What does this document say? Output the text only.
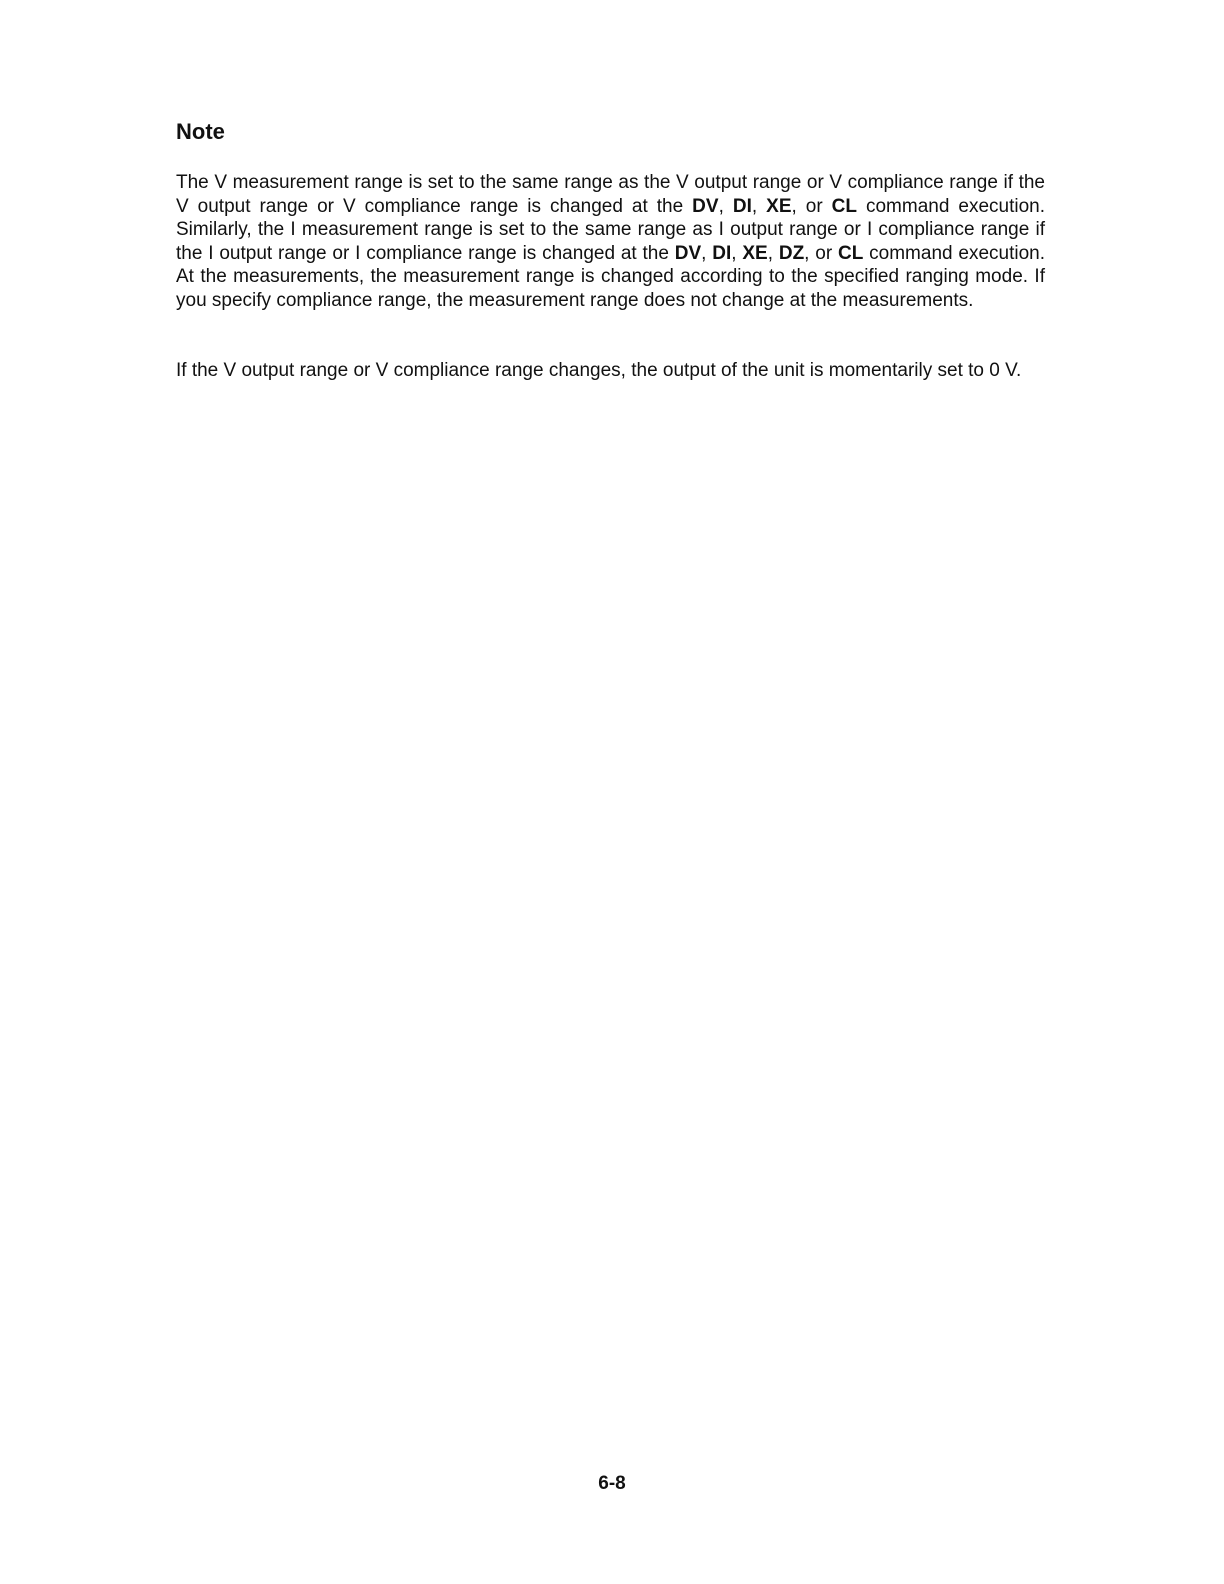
Note

The V measurement range is set to the same range as the V output range or V compliance range if the V output range or V compliance range is changed at the DV, DI, XE, or CL command execution. Similarly, the I measurement range is set to the same range as I output range or I compliance range if the I output range or I compliance range is changed at the DV, DI, XE, DZ, or CL command execution. At the measurements, the measurement range is changed according to the specified ranging mode. If you specify compliance range, the measurement range does not change at the measurements.

If the V output range or V compliance range changes, the output of the unit is momentarily set to 0 V.

6-8
